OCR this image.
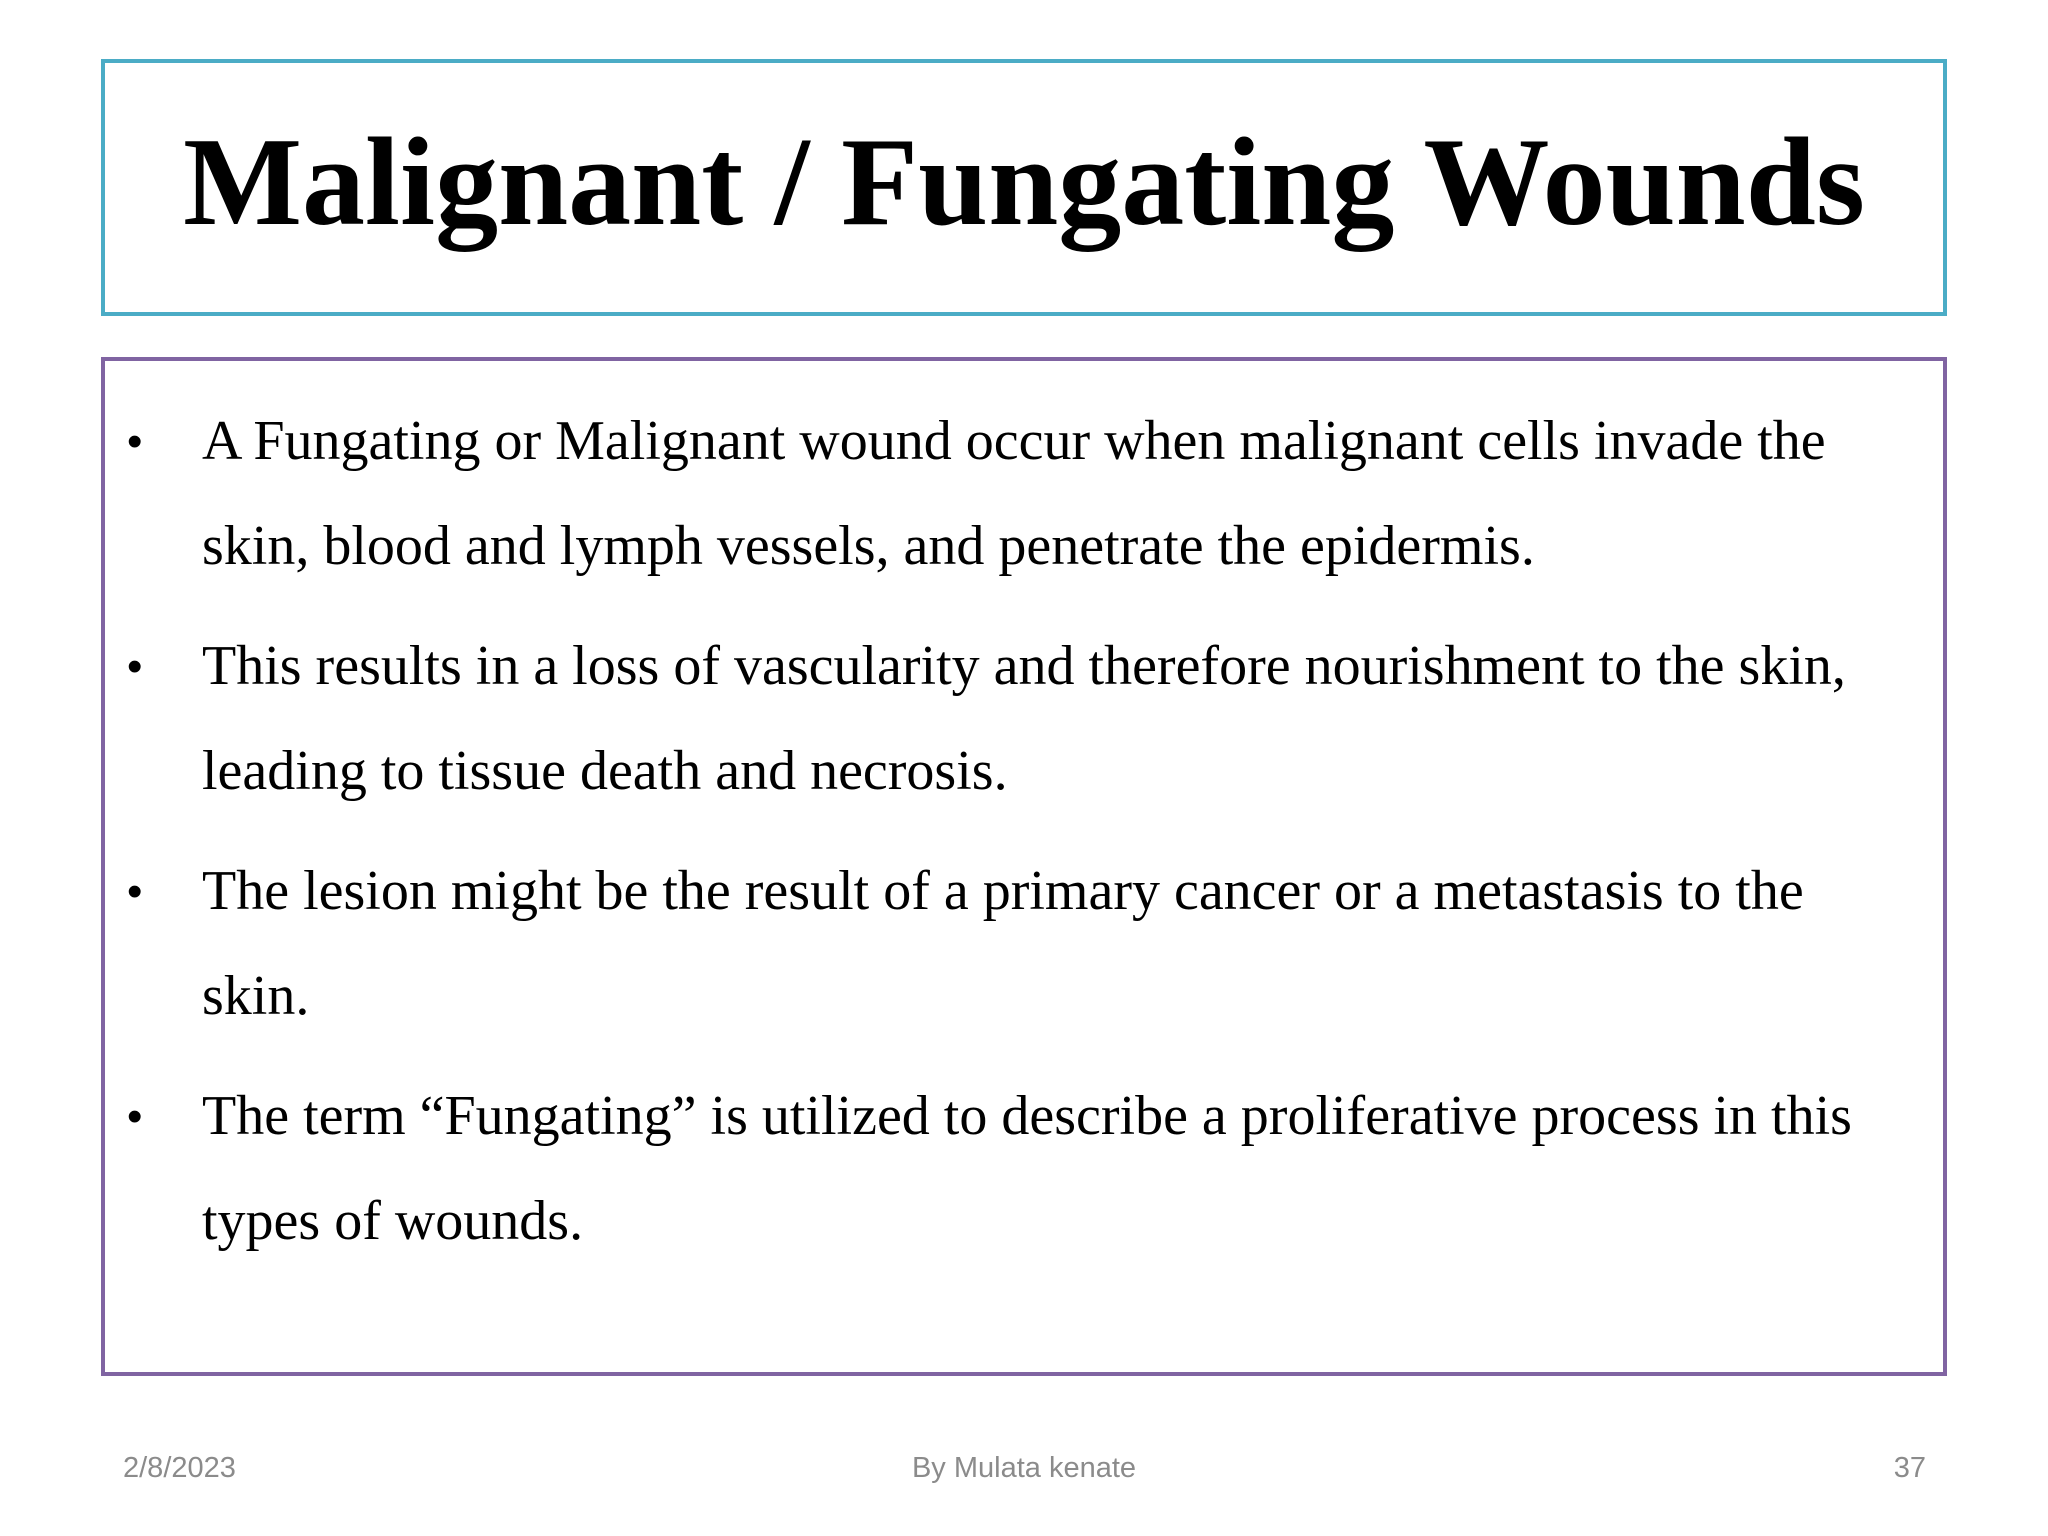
Malignant / Fungating Wounds
• A Fungating or Malignant wound occur when malignant cells invade the skin, blood and lymph vessels, and penetrate the epidermis.
• This results in a loss of vascularity and therefore nourishment to the skin, leading to tissue death and necrosis.
• The lesion might be the result of a primary cancer or a metastasis to the skin.
• The term “Fungating” is utilized to describe a proliferative process in this types of wounds.
2/8/2023	By Mulata kenate	37
